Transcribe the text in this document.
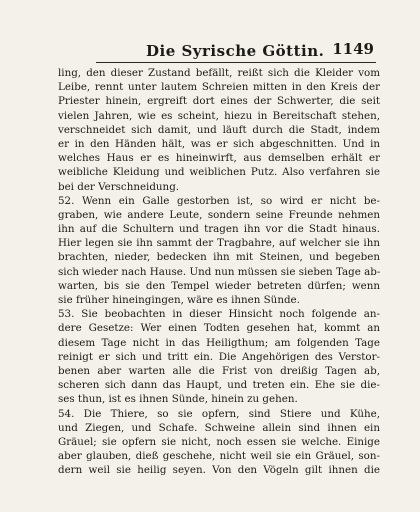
Die Syrische Göttin. 1149
ling, den dieser Zustand befällt, reißt sich die Kleider vom
Leibe, rennt unter lautem Schreien mitten in den Kreis der
Priester hinein, ergreift dort eines der Schwerter, die seit
vielen Jahren, wie es scheint, hiezu in Bereitschaft stehen,
verschneidet sich damit, und läuft durch die Stadt, indem
er in den Händen hält, was er sich abgeschnitten. Und in
welches Haus er es hineinwirft, aus demselben erhält er
weibliche Kleidung und weiblichen Putz. Also verfahren sie
bei der Verschneidung.
52. Wenn ein Galle gestorben ist, so wird er nicht be-
graben, wie andere Leute, sondern seine Freunde nehmen
ihn auf die Schultern und tragen ihn vor die Stadt hinaus.
Hier legen sie ihn sammt der Tragbahre, auf welcher sie ihn
brachten, nieder, bedecken ihn mit Steinen, und begeben
sich wieder nach Hause. Und nun müssen sie sieben Tage ab-
warten, bis sie den Tempel wieder betreten dürfen; wenn
sie früher hineingingen, wäre es ihnen Sünde.
53. Sie beobachten in dieser Hinsicht noch folgende an-
dere Gesetze: Wer einen Todten gesehen hat, kommt an
diesem Tage nicht in das Heiligthum; am folgenden Tage
reinigt er sich und tritt ein. Die Angehörigen des Verstor-
benen aber warten alle die Frist von dreißig Tagen ab,
scheren sich dann das Haupt, und treten ein. Ehe sie die-
ses thun, ist es ihnen Sünde, hinein zu gehen.
54. Die Thiere, so sie opfern, sind Stiere und Kühe,
und Ziegen, und Schafe. Schweine allein sind ihnen ein
Gräuel; sie opfern sie nicht, noch essen sie welche. Einige
aber glauben, dieß geschehe, nicht weil sie ein Gräuel, son-
dern weil sie heilig seyen. Von den Vögeln gilt ihnen die
